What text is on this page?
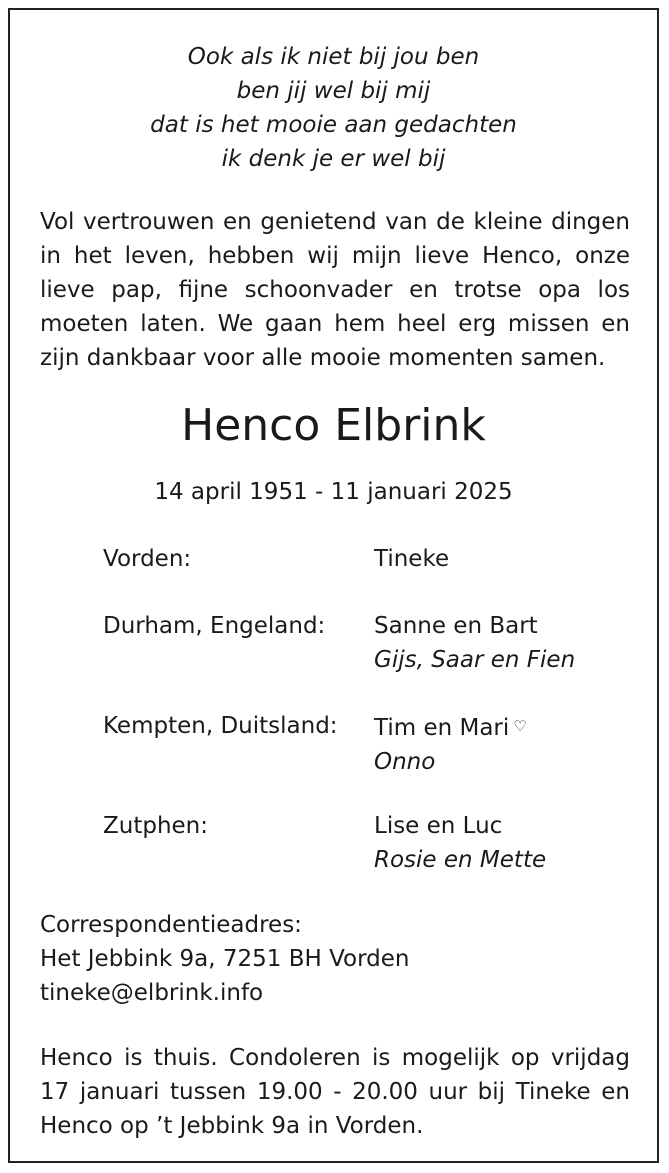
Ook als ik niet bij jou ben
ben jij wel bij mij
dat is het mooie aan gedachten
ik denk je er wel bij
Vol vertrouwen en genietend van de kleine dingen in het leven, hebben wij mijn lieve Henco, onze lieve pap, fijne schoonvader en trotse opa los moeten laten. We gaan hem heel erg missen en zijn dankbaar voor alle mooie momenten samen.
Henco Elbrink
14 april 1951 - 11 januari 2025
Vorden:	Tineke
Durham, Engeland: Sanne en Bart
Gijs, Saar en Fien
Kempten, Duitsland: Tim en Mari ♡
Onno
Zutphen:	Lise en Luc
Rosie en Mette
Correspondentieadres:
Het Jebbink 9a, 7251 BH Vorden
tineke@elbrink.info
Henco is thuis. Condoleren is mogelijk op vrijdag 17 januari tussen 19.00 - 20.00 uur bij Tineke en Henco op ’t Jebbink 9a in Vorden.
